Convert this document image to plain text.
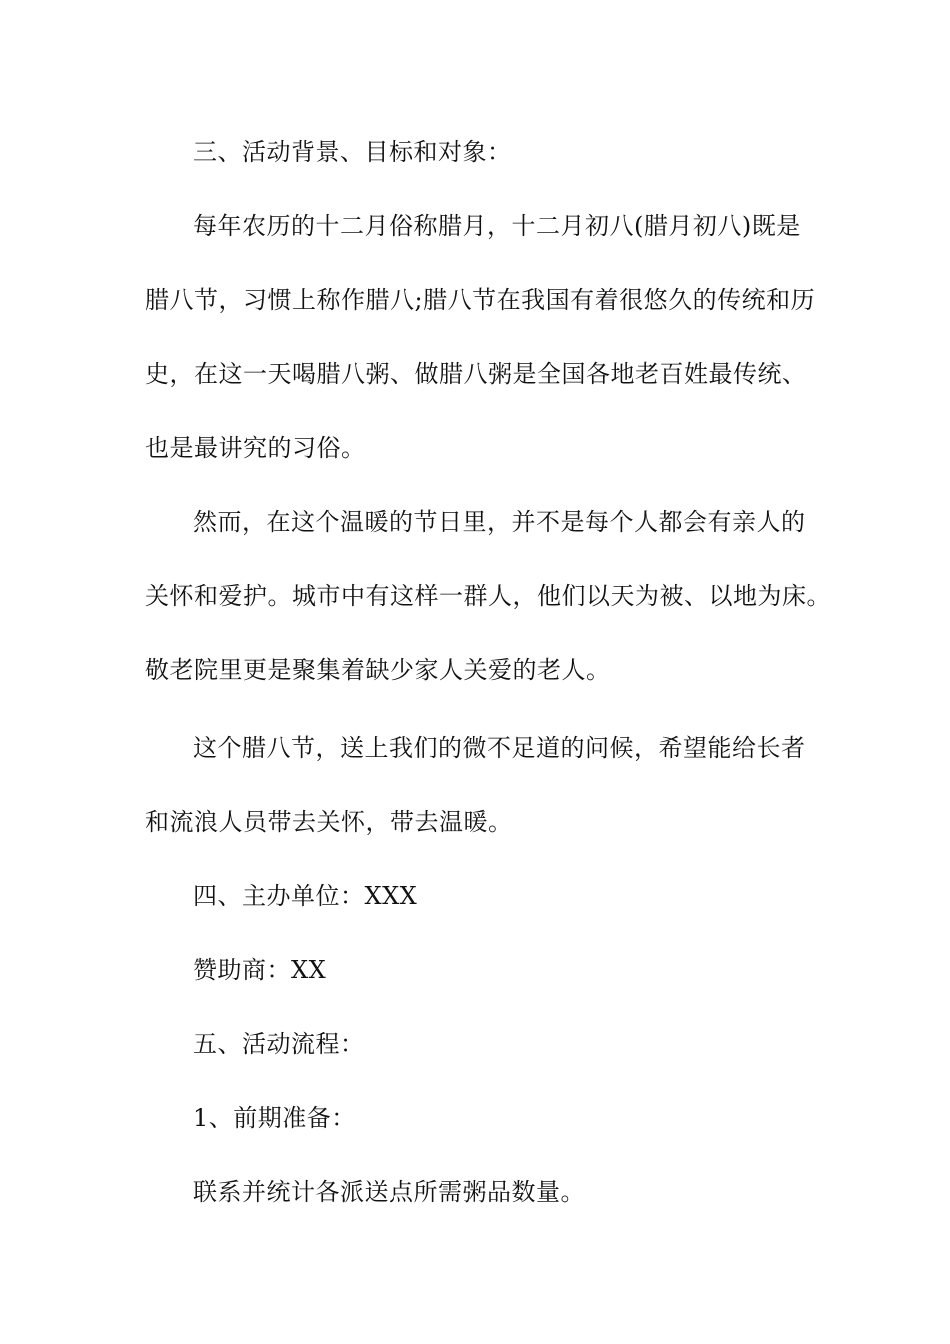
三、活动背景、目标和对象：
每年农历的十二月俗称腊月，十二月初八(腊月初八)既是
腊八节，习惯上称作腊八;腊八节在我国有着很悠久的传统和历
史，在这一天喝腊八粥、做腊八粥是全国各地老百姓最传统、
也是最讲究的习俗。
然而，在这个温暖的节日里，并不是每个人都会有亲人的
关怀和爱护。城市中有这样一群人，他们以天为被、以地为床。
敬老院里更是聚集着缺少家人关爱的老人。
这个腊八节，送上我们的微不足道的问候，希望能给长者
和流浪人员带去关怀，带去温暖。
四、主办单位：XXX
赞助商：XX
五、活动流程：
1、前期准备：
联系并统计各派送点所需粥品数量。
